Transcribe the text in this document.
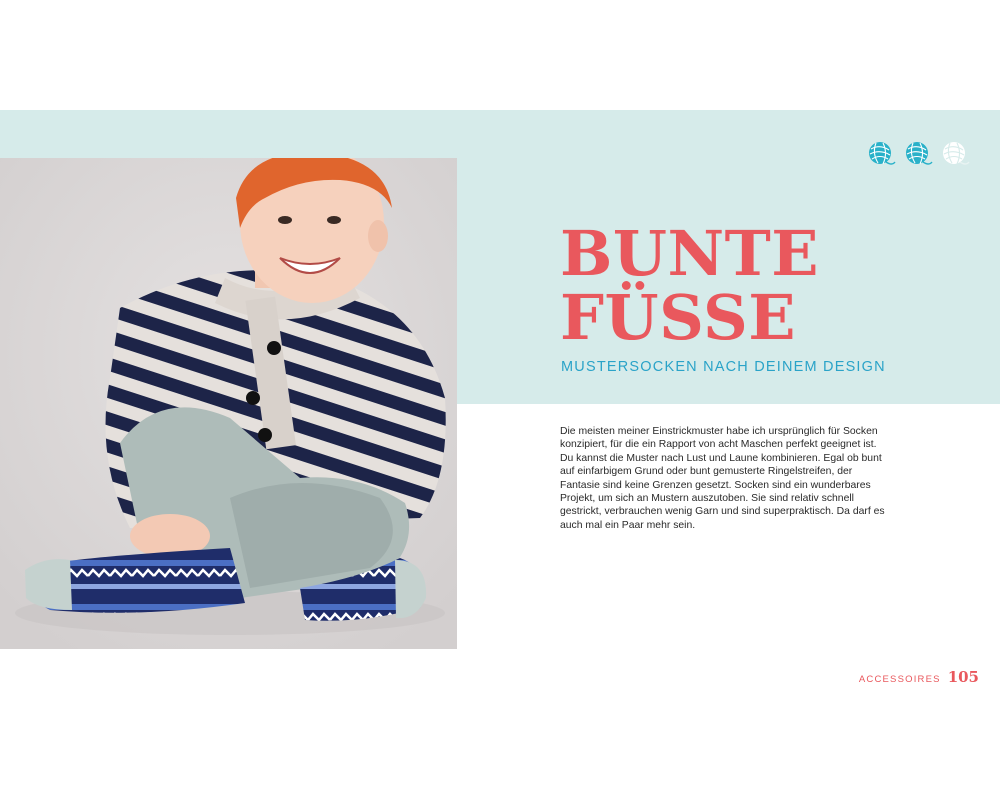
BUNTE
FÜSSE

MUSTERSOCKEN NACH DEINEM DESIGN

Die meisten meiner Einstrickmuster habe ich ursprünglich für Socken konzipiert, für die ein Rapport von acht Maschen perfekt geeignet ist. Du kannst die Muster nach Lust und Laune kombinieren. Egal ob bunt auf einfarbigem Grund oder bunt gemusterte Ringelstreifen, der Fantasie sind keine Grenzen gesetzt. Socken sind ein wunderbares Projekt, um sich an Mustern auszutoben. Sie sind relativ schnell gestrickt, verbrauchen wenig Garn und sind superpraktisch. Da darf es auch mal ein Paar mehr sein.

ACCESSOIRES 105
